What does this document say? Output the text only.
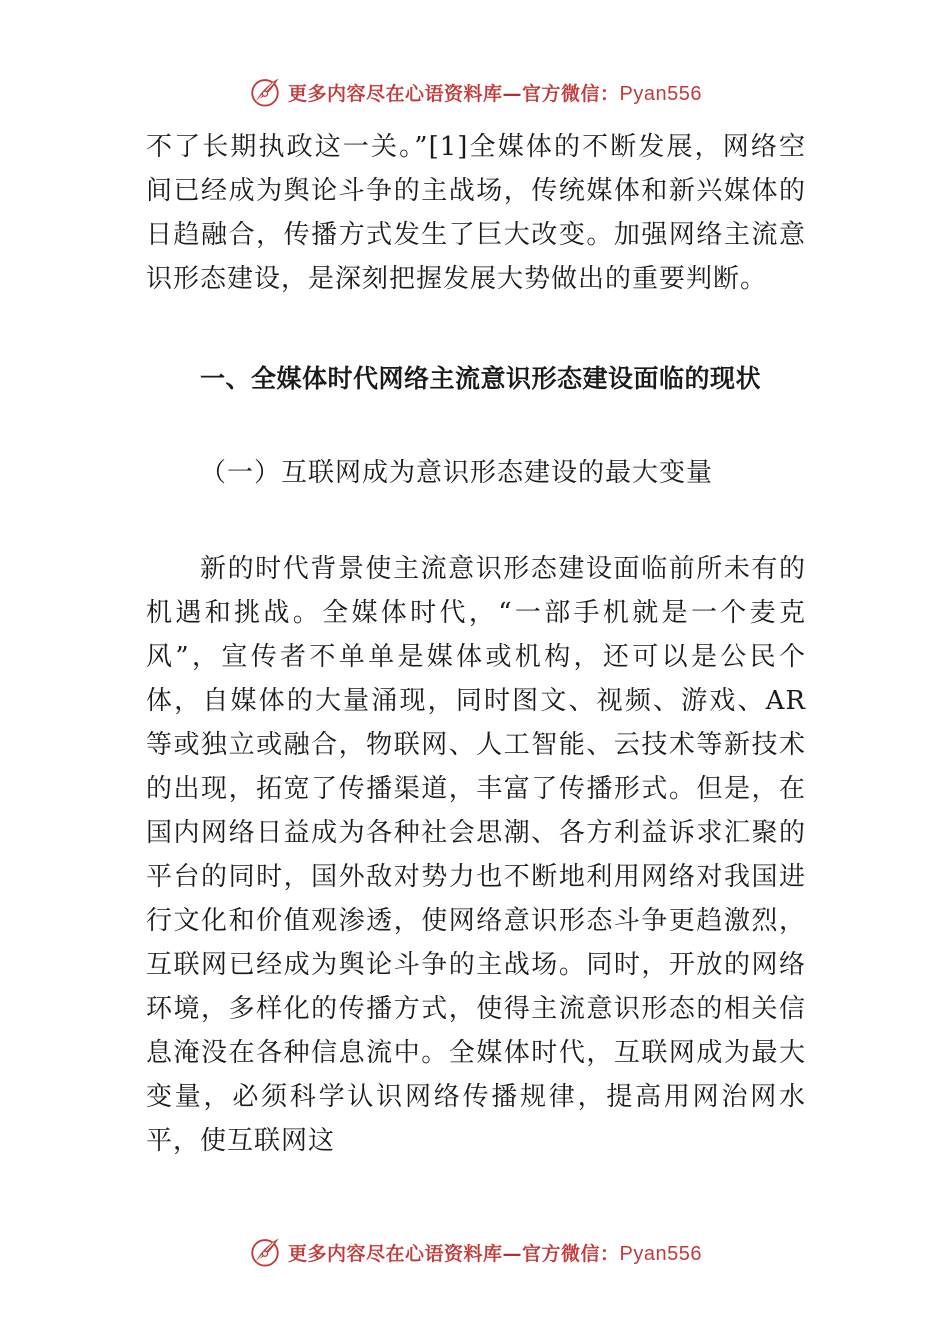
更多内容尽在心语资料库—官方微信：Pyan556

不了长期执政这一关。”[1]全媒体的不断发展，网络空间已经成为舆论斗争的主战场，传统媒体和新兴媒体的日趋融合，传播方式发生了巨大改变。加强网络主流意识形态建设，是深刻把握发展大势做出的重要判断。

一、全媒体时代网络主流意识形态建设面临的现状
（一）互联网成为意识形态建设的最大变量

新的时代背景使主流意识形态建设面临前所未有的机遇和挑战。全媒体时代，“一部手机就是一个麦克风”，宣传者不单单是媒体或机构，还可以是公民个体，自媒体的大量涌现，同时图文、视频、游戏、AR 等或独立或融合，物联网、人工智能、云技术等新技术的出现，拓宽了传播渠道，丰富了传播形式。但是，在国内网络日益成为各种社会思潮、各方利益诉求汇聚的平台的同时，国外敌对势力也不断地利用网络对我国进行文化和价值观渗透，使网络意识形态斗争更趋激烈，互联网已经成为舆论斗争的主战场。同时，开放的网络环境，多样化的传播方式，使得主流意识形态的相关信息淹没在各种信息流中。全媒体时代，互联网成为最大变量，必须科学认识网络传播规律，提高用网治网水平，使互联网这

更多内容尽在心语资料库—官方微信：Pyan556
